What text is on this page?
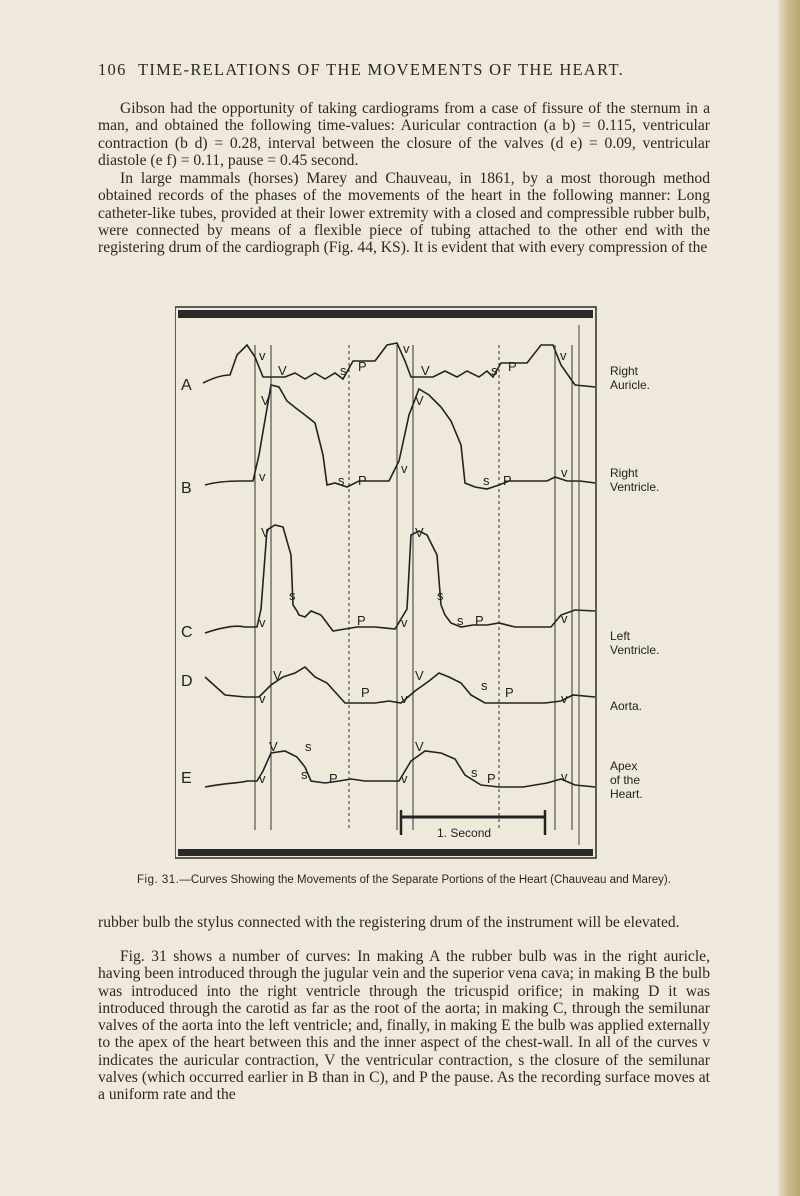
106 TIME-RELATIONS OF THE MOVEMENTS OF THE HEART.

Gibson had the opportunity of taking cardiograms from a case of fissure of the sternum in a man, and obtained the following time-values: Auricular contraction (a b) = 0.115, ventricular contraction (b d) = 0.28, interval between the closure of the valves (d e) = 0.09, ventricular diastole (e f) = 0.11, pause = 0.45 second.

In large mammals (horses) Marey and Chauveau, in 1861, by a most thorough method obtained records of the phases of the movements of the heart in the following manner: Long catheter-like tubes, provided at their lower extremity with a closed and compressible rubber bulb, were connected by means of a flexible piece of tubing attached to the other end with the registering drum of the cardiograph (Fig. 44, KS). It is evident that with every compression of the

A
B
C
D
E
v
V
V	s P
v
V
V
s P
v
v	s P
v
s P
v
V	V
s	s
v	P	v	s P	v
v
V
P v
V
s P	v
V s
v	s P	v
V
s P	v
1. Second
Right
Auricle.
Right
Ventricle.
Left
Ventricle.
Aorta.
Apex
of the
Heart.
Fig. 31.—Curves Showing the Movements of the Separate Portions of the Heart (Chauveau and Marey).

rubber bulb the stylus connected with the registering drum of the instrument will be elevated.

Fig. 31 shows a number of curves: In making A the rubber bulb was in the right auricle, having been introduced through the jugular vein and the superior vena cava; in making B the bulb was introduced into the right ventricle through the tricuspid orifice; in making D it was introduced through the carotid as far as the root of the aorta; in making C, through the semilunar valves of the aorta into the left ventricle; and, finally, in making E the bulb was applied externally to the apex of the heart between this and the inner aspect of the chest-wall. In all of the curves v indicates the auricular contraction, V the ventricular contraction, s the closure of the semilunar valves (which occurred earlier in B than in C), and P the pause. As the recording surface moves at a uniform rate and the
